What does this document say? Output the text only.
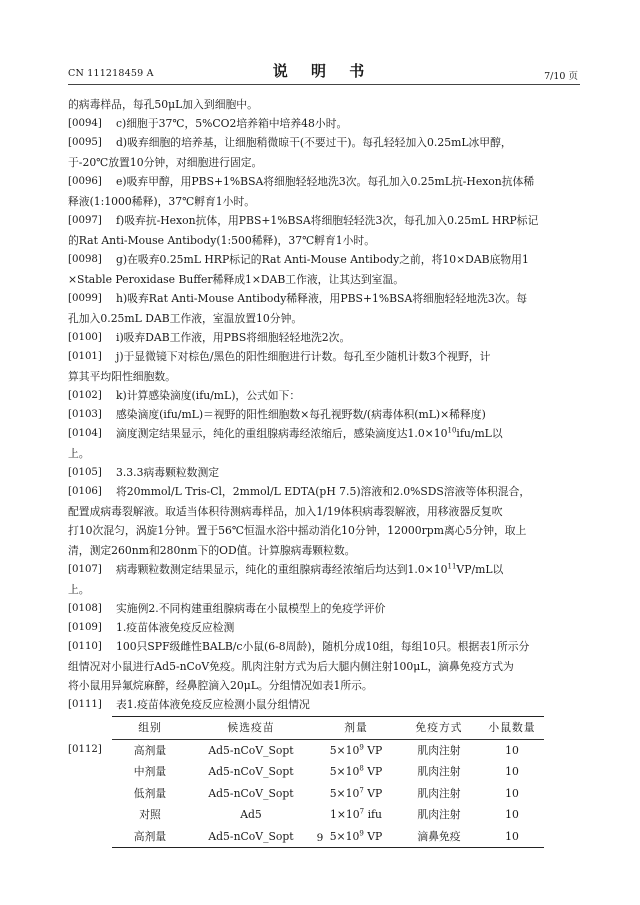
CN 111218459 A	说 明 书	7/10 页
的病毒样品，每孔50μL加入到细胞中。
[0094]	c)细胞于37℃，5%CO2培养箱中培养48小时。
[0095]	d)吸弃细胞的培养基，让细胞稍微晾干(不要过干)。每孔轻轻加入0.25mL冰甲醇，
于-20℃放置10分钟，对细胞进行固定。
[0096]	e)吸弃甲醇，用PBS+1%BSA将细胞轻轻地洗3次。每孔加入0.25mL抗-Hexon抗体稀
释液(1:1000稀释)，37℃孵育1小时。
[0097]	f)吸弃抗-Hexon抗体，用PBS+1%BSA将细胞轻轻洗3次，每孔加入0.25mL HRP标记
的Rat Anti-Mouse Antibody(1:500稀释)，37℃孵育1小时。
[0098]	g)在吸弃0.25mL HRP标记的Rat Anti-Mouse Antibody之前，将10×DAB底物用1
×Stable Peroxidase Buffer稀释成1×DAB工作液，让其达到室温。
[0099]	h)吸弃Rat Anti-Mouse Antibody稀释液，用PBS+1%BSA将细胞轻轻地洗3次。每
孔加入0.25mL DAB工作液，室温放置10分钟。
[0100]	i)吸弃DAB工作液，用PBS将细胞轻轻地洗2次。
[0101]	j)于显微镜下对棕色/黑色的阳性细胞进行计数。每孔至少随机计数3个视野，计
算其平均阳性细胞数。
[0102]	k)计算感染滴度(ifu/mL)，公式如下：
[0103]	感染滴度(ifu/mL)＝视野的阳性细胞数×每孔视野数/(病毒体积(mL)×稀释度)
[0104]	滴度测定结果显示，纯化的重组腺病毒经浓缩后，感染滴度达$1.0\times 10^{10}ifu/mL$以
上。
[0105]	3.3.3病毒颗粒数测定
[0106]	将20mmol/L Tris-Cl，2mmol/L EDTA(pH 7.5)溶液和2.0%SDS溶液等体积混合，
配置成病毒裂解液。取适当体积待测病毒样品，加入1/19体积病毒裂解液，用移液器反复吹
打10次混匀，涡旋1分钟。置于56℃恒温水浴中摇动消化10分钟，12000rpm离心5分钟，取上
清，测定260nm和280nm下的OD值。计算腺病毒颗粒数。
[0107]	病毒颗粒数测定结果显示，纯化的重组腺病毒经浓缩后均达到$1.0\times 10^{11}VP/mL$以
上。
[0108]	实施例2.不同构建重组腺病毒在小鼠模型上的免疫学评价
[0109]	1.疫苗体液免疫反应检测
[0110]	100只SPF级雌性BALB/c小鼠(6-8周龄)，随机分成10组，每组10只。根据表1所示分
组情况对小鼠进行Ad5-nCoV免疫。肌肉注射方式为后大腿内侧注射100μL，滴鼻免疫方式为
将小鼠用异氟烷麻醉，经鼻腔滴入20μL。分组情况如表1所示。
[0111]	表1.疫苗体液免疫反应检测小鼠分组情况
[0112]
组别	候选疫苗	剂量	免疫方式	小鼠数量
高剂量	Ad5-nCoV_Sopt	$5\times 10^9$ VP	肌肉注射	10
中剂量	Ad5-nCoV_Sopt	$5\times 10^8$ VP	肌肉注射	10
低剂量	Ad5-nCoV_Sopt	$5\times 10^7$ VP	肌肉注射	10
对照	Ad5	$1\times 10^7$ ifu	肌肉注射	10
高剂量	Ad5-nCoV_Sopt	$5\times 10^9$ VP	滴鼻免疫	10
9
